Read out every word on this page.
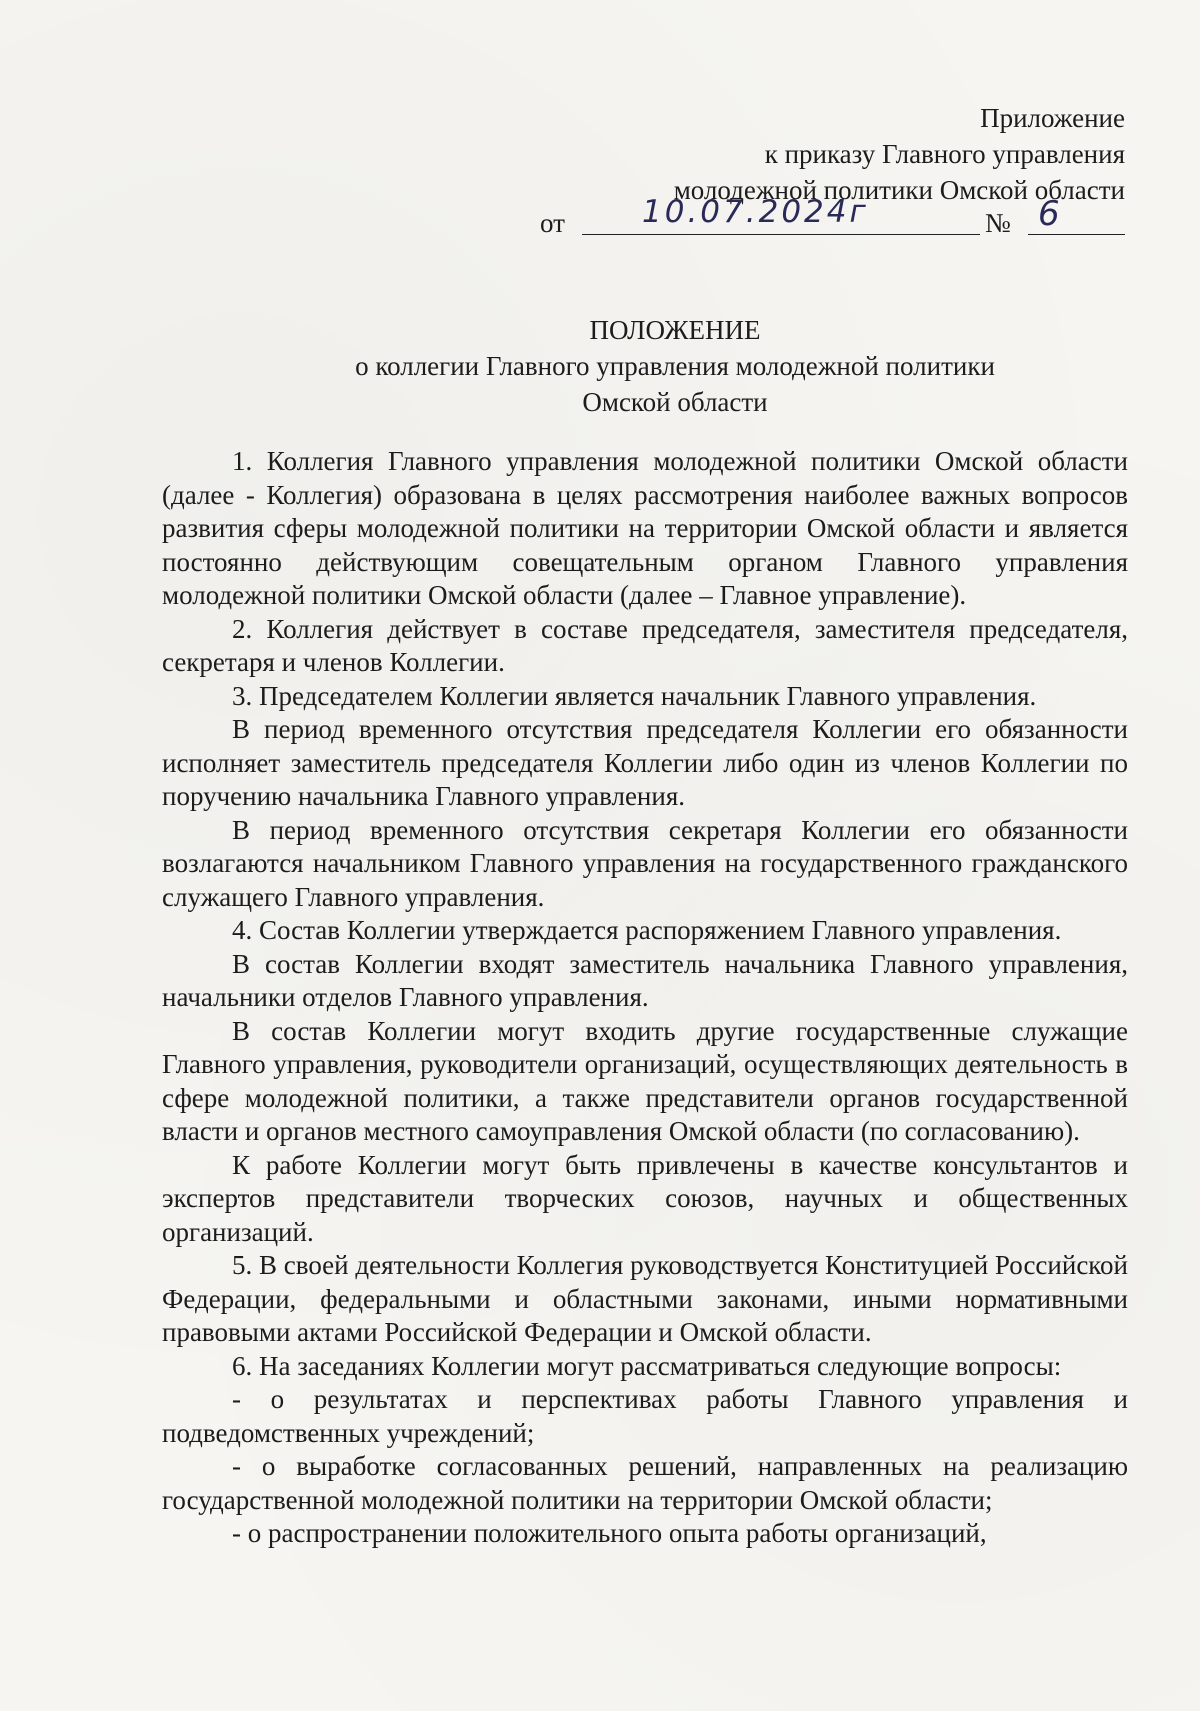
Приложение
к приказу Главного управления
молодежной политики Омской области
от 10.07.2024г	№ 6
ПОЛОЖЕНИЕ
о коллегии Главного управления молодежной политики
Омской области

1. Коллегия Главного управления молодежной политики Омской области (далее - Коллегия) образована в целях рассмотрения наиболее важных вопросов развития сферы молодежной политики на территории Омской области и является постоянно действующим совещательным органом Главного управления молодежной политики Омской области (далее – Главное управление).

2. Коллегия действует в составе председателя, заместителя председателя, секретаря и членов Коллегии.

3. Председателем Коллегии является начальник Главного управления.

В период временного отсутствия председателя Коллегии его обязанности исполняет заместитель председателя Коллегии либо один из членов Коллегии по поручению начальника Главного управления.

В период временного отсутствия секретаря Коллегии его обязанности возлагаются начальником Главного управления на государственного гражданского служащего Главного управления.

4. Состав Коллегии утверждается распоряжением Главного управления.

В состав Коллегии входят заместитель начальника Главного управления, начальники отделов Главного управления.

В состав Коллегии могут входить другие государственные служащие Главного управления, руководители организаций, осуществляющих деятельность в сфере молодежной политики, а также представители органов государственной власти и органов местного самоуправления Омской области (по согласованию).

К работе Коллегии могут быть привлечены в качестве консультантов и экспертов представители творческих союзов, научных и общественных организаций.

5. В своей деятельности Коллегия руководствуется Конституцией Российской Федерации, федеральными и областными законами, иными нормативными правовыми актами Российской Федерации и Омской области.

6. На заседаниях Коллегии могут рассматриваться следующие вопросы:

- о результатах и перспективах работы Главного управления и подведомственных учреждений;

- о выработке согласованных решений, направленных на реализацию государственной молодежной политики на территории Омской области;

- о распространении положительного опыта работы организаций,
